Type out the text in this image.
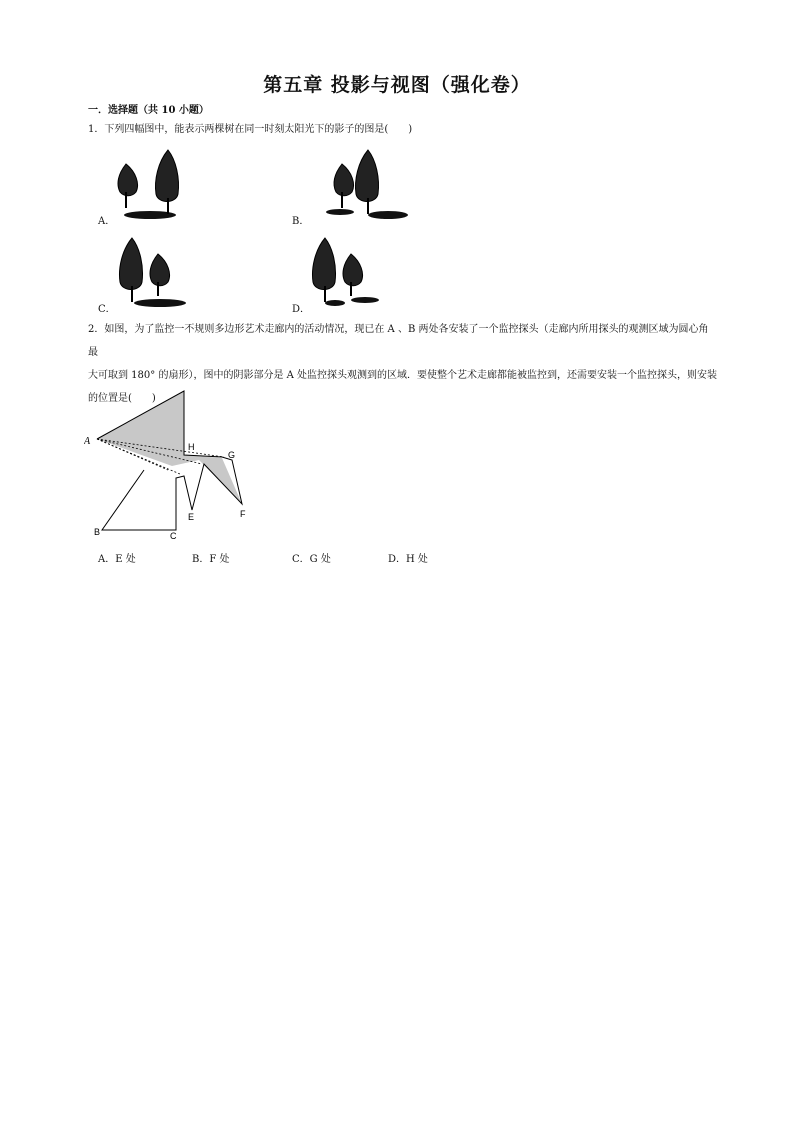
第五章 投影与视图（强化卷）
一．选择题（共 10 小题）
1．下列四幅图中，能表示两棵树在同一时刻太阳光下的影子的图是(　　)
A．	B．
C．	D．
2．如图，为了监控一不规则多边形艺术走廊内的活动情况，现已在 A 、B 两处各安装了一个监控探头（走廊内所用探头的观测区域为圆心角最
大可取到 180° 的扇形），图中的阴影部分是 A 处监控探头观测到的区域．要使整个艺术走廊都能被监控到，还需要安装一个监控探头，则安装
的位置是(　　)
A	H
G
E	F
B	C
A．E 处	B．F 处	C．G 处	D．H 处
